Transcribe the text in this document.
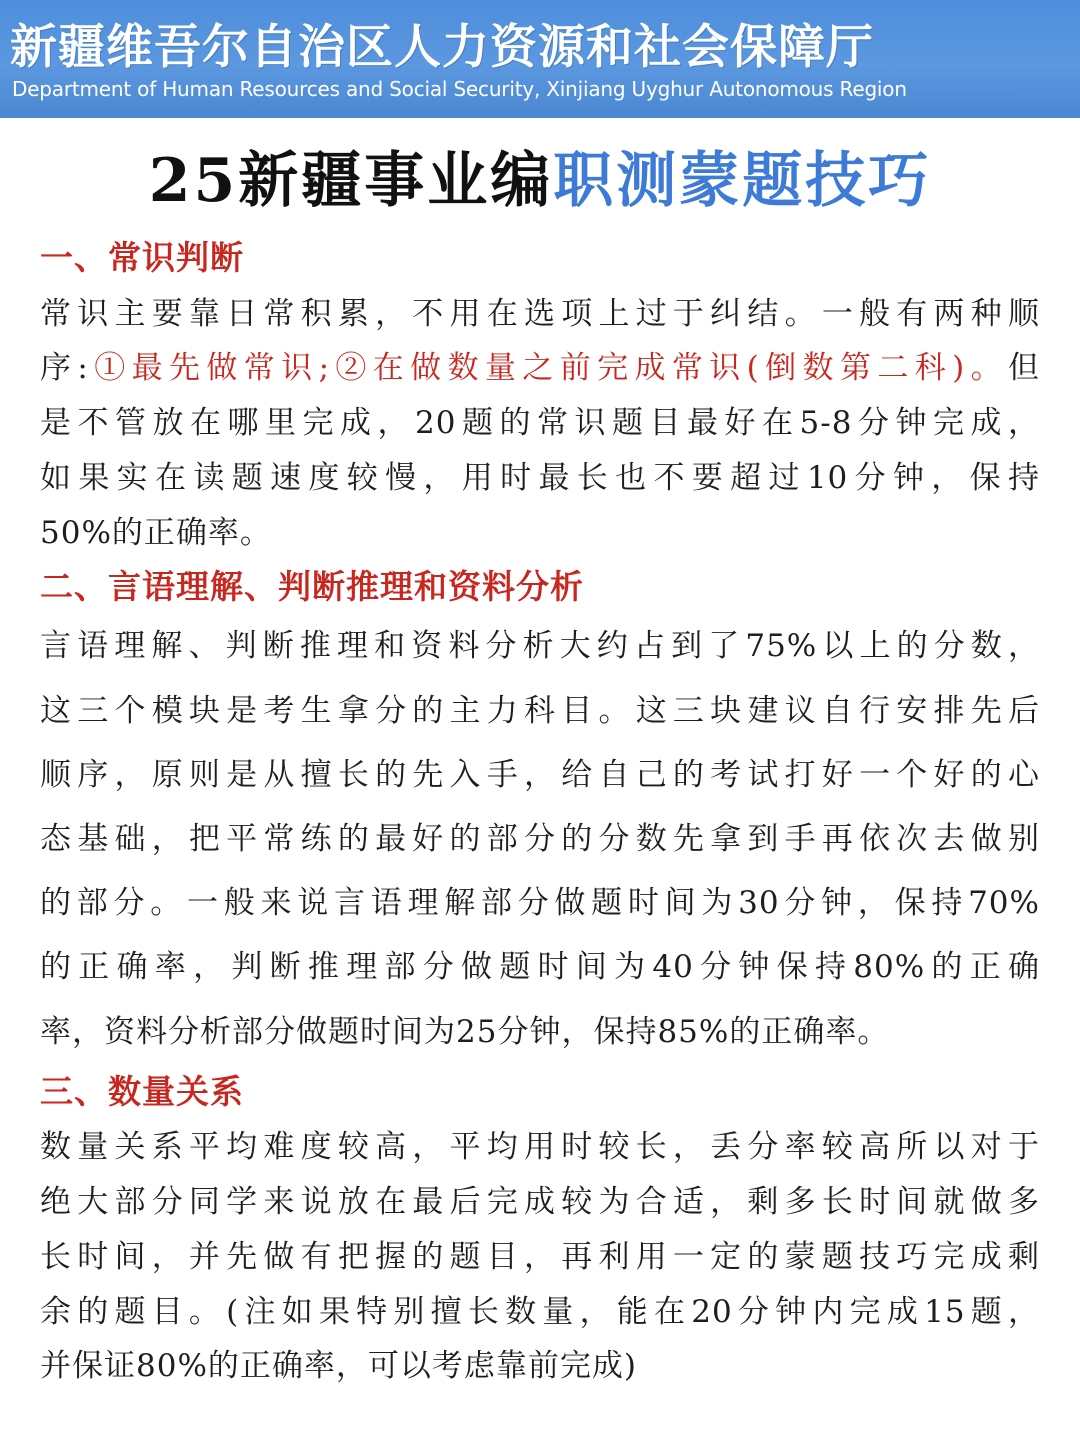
新疆维吾尔自治区人力资源和社会保障厅
Department of Human Resources and Social Security, Xinjiang Uyghur Autonomous Region
25新疆事业编职测蒙题技巧
一、常识判断
常识主要靠日常积累，不用在选项上过于纠结。一般有两种顺
序:①最先做常识;②在做数量之前完成常识(倒数第二科)。但
是不管放在哪里完成，20题的常识题目最好在5-8分钟完成，
如果实在读题速度较慢，用时最长也不要超过10分钟，保持
50%的正确率。
二、言语理解、判断推理和资料分析
言语理解、判断推理和资料分析大约占到了75%以上的分数，
这三个模块是考生拿分的主力科目。这三块建议自行安排先后
顺序，原则是从擅长的先入手，给自己的考试打好一个好的心
态基础，把平常练的最好的部分的分数先拿到手再依次去做别
的部分。一般来说言语理解部分做题时间为30分钟，保持70%
的正确率，判断推理部分做题时间为40分钟保持80%的正确
率，资料分析部分做题时间为25分钟，保持85%的正确率。
三、数量关系
数量关系平均难度较高，平均用时较长，丢分率较高所以对于
绝大部分同学来说放在最后完成较为合适，剩多长时间就做多
长时间，并先做有把握的题目，再利用一定的蒙题技巧完成剩
余的题目。(注如果特别擅长数量，能在20分钟内完成15题，
并保证80%的正确率，可以考虑靠前完成)
